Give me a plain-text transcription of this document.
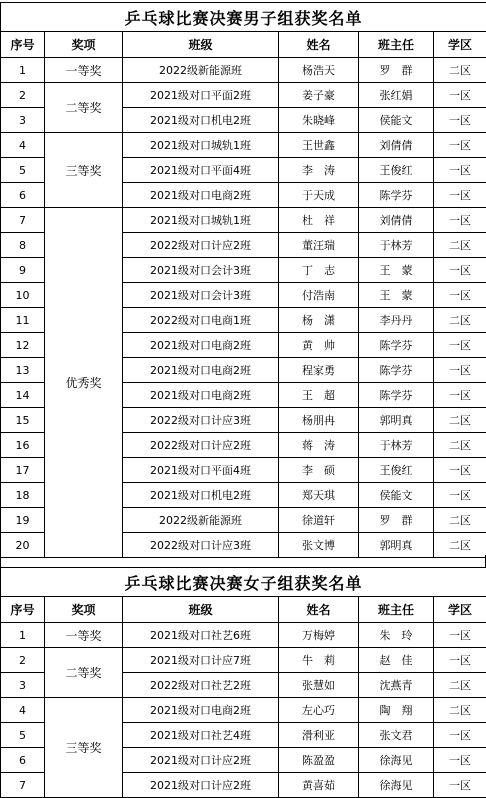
乒乓球比赛决赛男子组获奖名单					
序号	奖项	班级	姓名	班主任	学区
1	一等奖	2022级新能源班	杨浩天	罗　群	二区
2	二等奖	2021级对口平面2班	姜子豪	张红娟	一区
3		2021级对口机电2班	朱晓峰	侯能文	一区
4	三等奖	2021级对口城轨1班	王世鑫	刘倩倩	一区
5		2021级对口平面4班	李　涛	王俊红	一区
6		2021级对口电商2班	于天成	陈学芬	一区
7	优秀奖	2021级对口城轨1班	杜　祥	刘倩倩	一区
8		2022级对口计应2班	董汪瑞	于林芳	二区
9		2021级对口会计3班	丁　志	王　蒙	一区
10		2021级对口会计3班	付浩南	王　蒙	一区
11		2022级对口电商1班	杨　潇	李丹丹	二区
12		2021级对口电商2班	黄　帅	陈学芬	一区
13		2021级对口电商2班	程家勇	陈学芬	一区
14		2021级对口电商2班	王　超	陈学芬	一区
15		2022级对口计应3班	杨朋冉	郭明真	二区
16		2022级对口计应2班	蒋　涛	于林芳	二区
17		2021级对口平面4班	李　硕	王俊红	一区
18		2021级对口机电2班	郑天琪	侯能文	一区
19		2022级新能源班	徐道轩	罗　群	二区
20		2022级对口计应3班	张文博	郭明真	二区
乒乓球比赛决赛女子组获奖名单					
序号	奖项	班级	姓名	班主任	学区
1	一等奖	2021级对口社艺6班	万梅婷	朱　玲	一区
2	二等奖	2021级对口计应7班	牛　莉	赵　佳	一区
3		2022级对口社艺2班	张慧如	沈燕青	二区
4	三等奖	2021级对口电商2班	左心巧	陶　翔	二区
5		2021级对口社艺4班	滑利亚	张文君	一区
6		2021级对口计应2班	陈盈盈	徐海见	一区
7		2021级对口计应2班	黄喜茹	徐海见	一区
